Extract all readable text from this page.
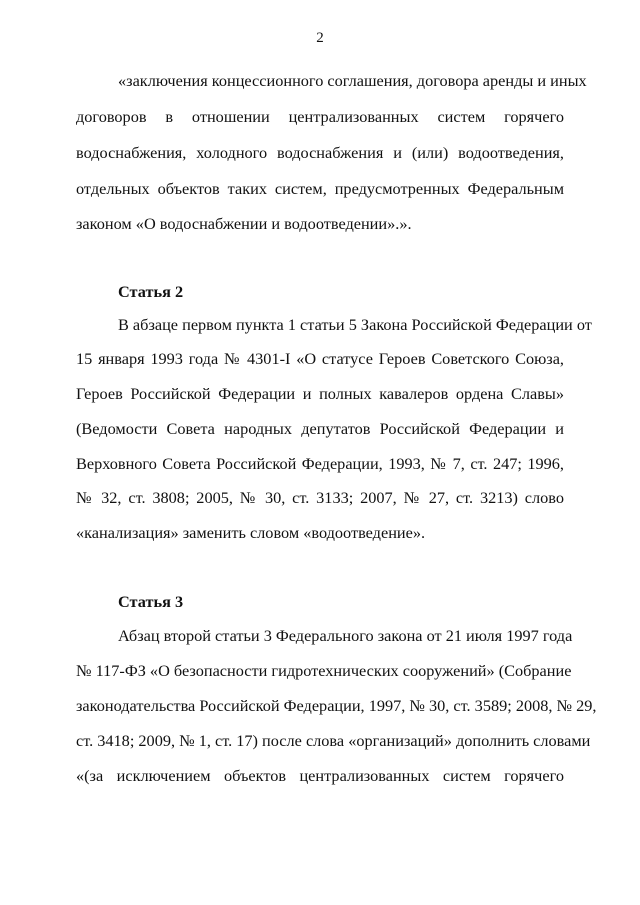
2
«заключения концессионного соглашения, договора аренды и иных
договоров в отношении централизованных систем горячего
водоснабжения, холодного водоснабжения и (или) водоотведения,
отдельных объектов таких систем, предусмотренных Федеральным
законом «О водоснабжении и водоотведении».».
Статья 2
В абзаце первом пункта 1 статьи 5 Закона Российской Федерации от
15 января 1993 года № 4301-I «О статусе Героев Советского Союза,
Героев Российской Федерации и полных кавалеров ордена Славы»
(Ведомости Совета народных депутатов Российской Федерации и
Верховного Совета Российской Федерации, 1993, № 7, ст. 247; 1996,
№ 32, ст. 3808; 2005, № 30, ст. 3133; 2007, № 27, ст. 3213) слово
«канализация» заменить словом «водоотведение».
Статья 3
Абзац второй статьи 3 Федерального закона от 21 июля 1997 года
№ 117-ФЗ «О безопасности гидротехнических сооружений» (Собрание
законодательства Российской Федерации, 1997, № 30, ст. 3589; 2008, № 29,
ст. 3418; 2009, № 1, ст. 17) после слова «организаций» дополнить словами
«(за исключением объектов централизованных систем горячего
